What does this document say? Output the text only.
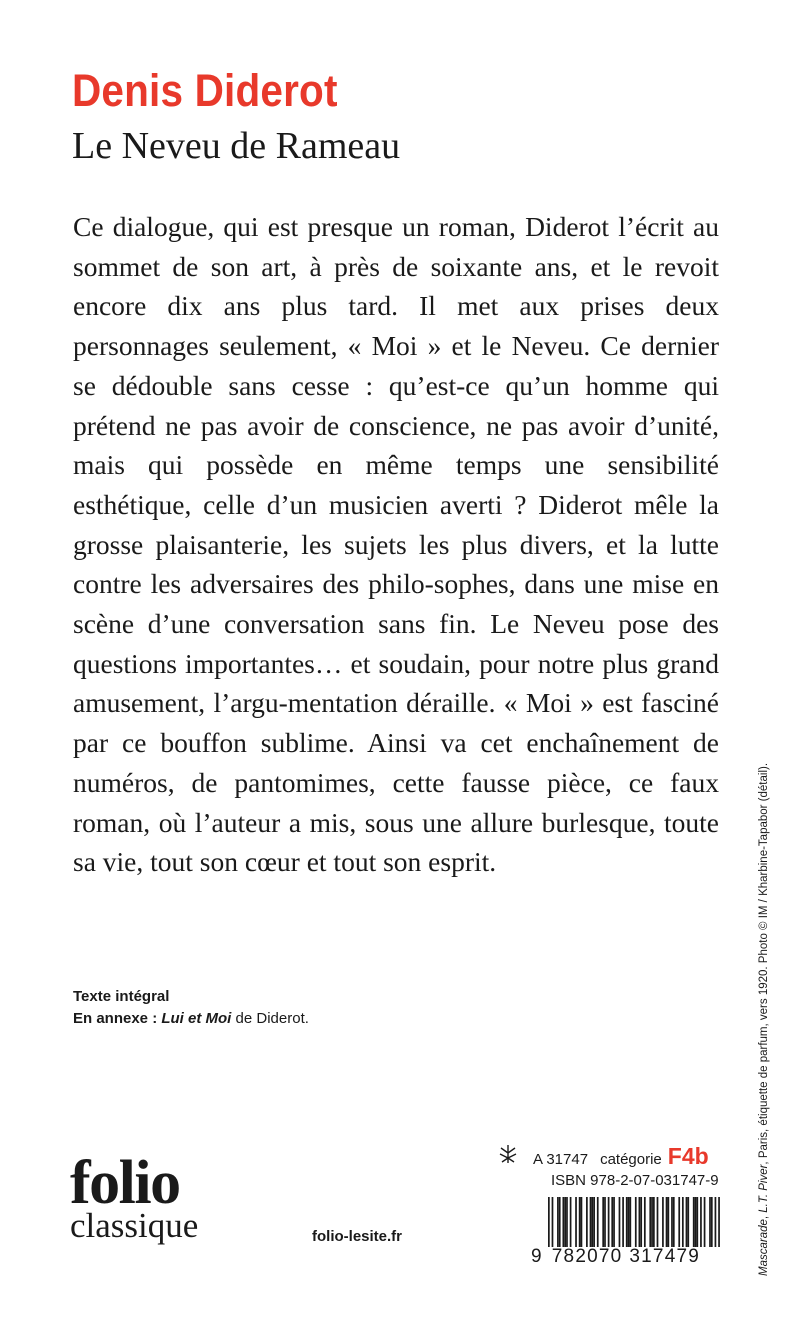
Denis Diderot
Le Neveu de Rameau

Ce dialogue, qui est presque un roman, Diderot l’écrit au sommet de son art, à près de soixante ans, et le revoit encore dix ans plus tard. Il met aux prises deux personnages seulement, « Moi » et le Neveu. Ce dernier se dédouble sans cesse : qu’est-ce qu’un homme qui prétend ne pas avoir de conscience, ne pas avoir d’unité, mais qui possède en même temps une sensibilité esthétique, celle d’un musicien averti ? Diderot mêle la grosse plaisanterie, les sujets les plus divers, et la lutte contre les adversaires des philo-sophes, dans une mise en scène d’une conversation sans fin. Le Neveu pose des questions importantes… et soudain, pour notre plus grand amusement, l’argu-mentation déraille. « Moi » est fasciné par ce bouffon sublime. Ainsi va cet enchaînement de numéros, de pantomimes, cette fausse pièce, ce faux roman, où l’auteur a mis, sous une allure burlesque, toute sa vie, tout son cœur et tout son esprit.

Texte intégral
En annexe : Lui et Moi de Diderot.
folio
classique	folio-lesite.fr
A 31747 catégorie F4b
ISBN 978-2-07-031747-9
9 782070 317479	Mascarade, L.T. Piver, Paris, étiquette de parfum, vers 1920. Photo © IM / Kharbine-Tapabor (détail).
